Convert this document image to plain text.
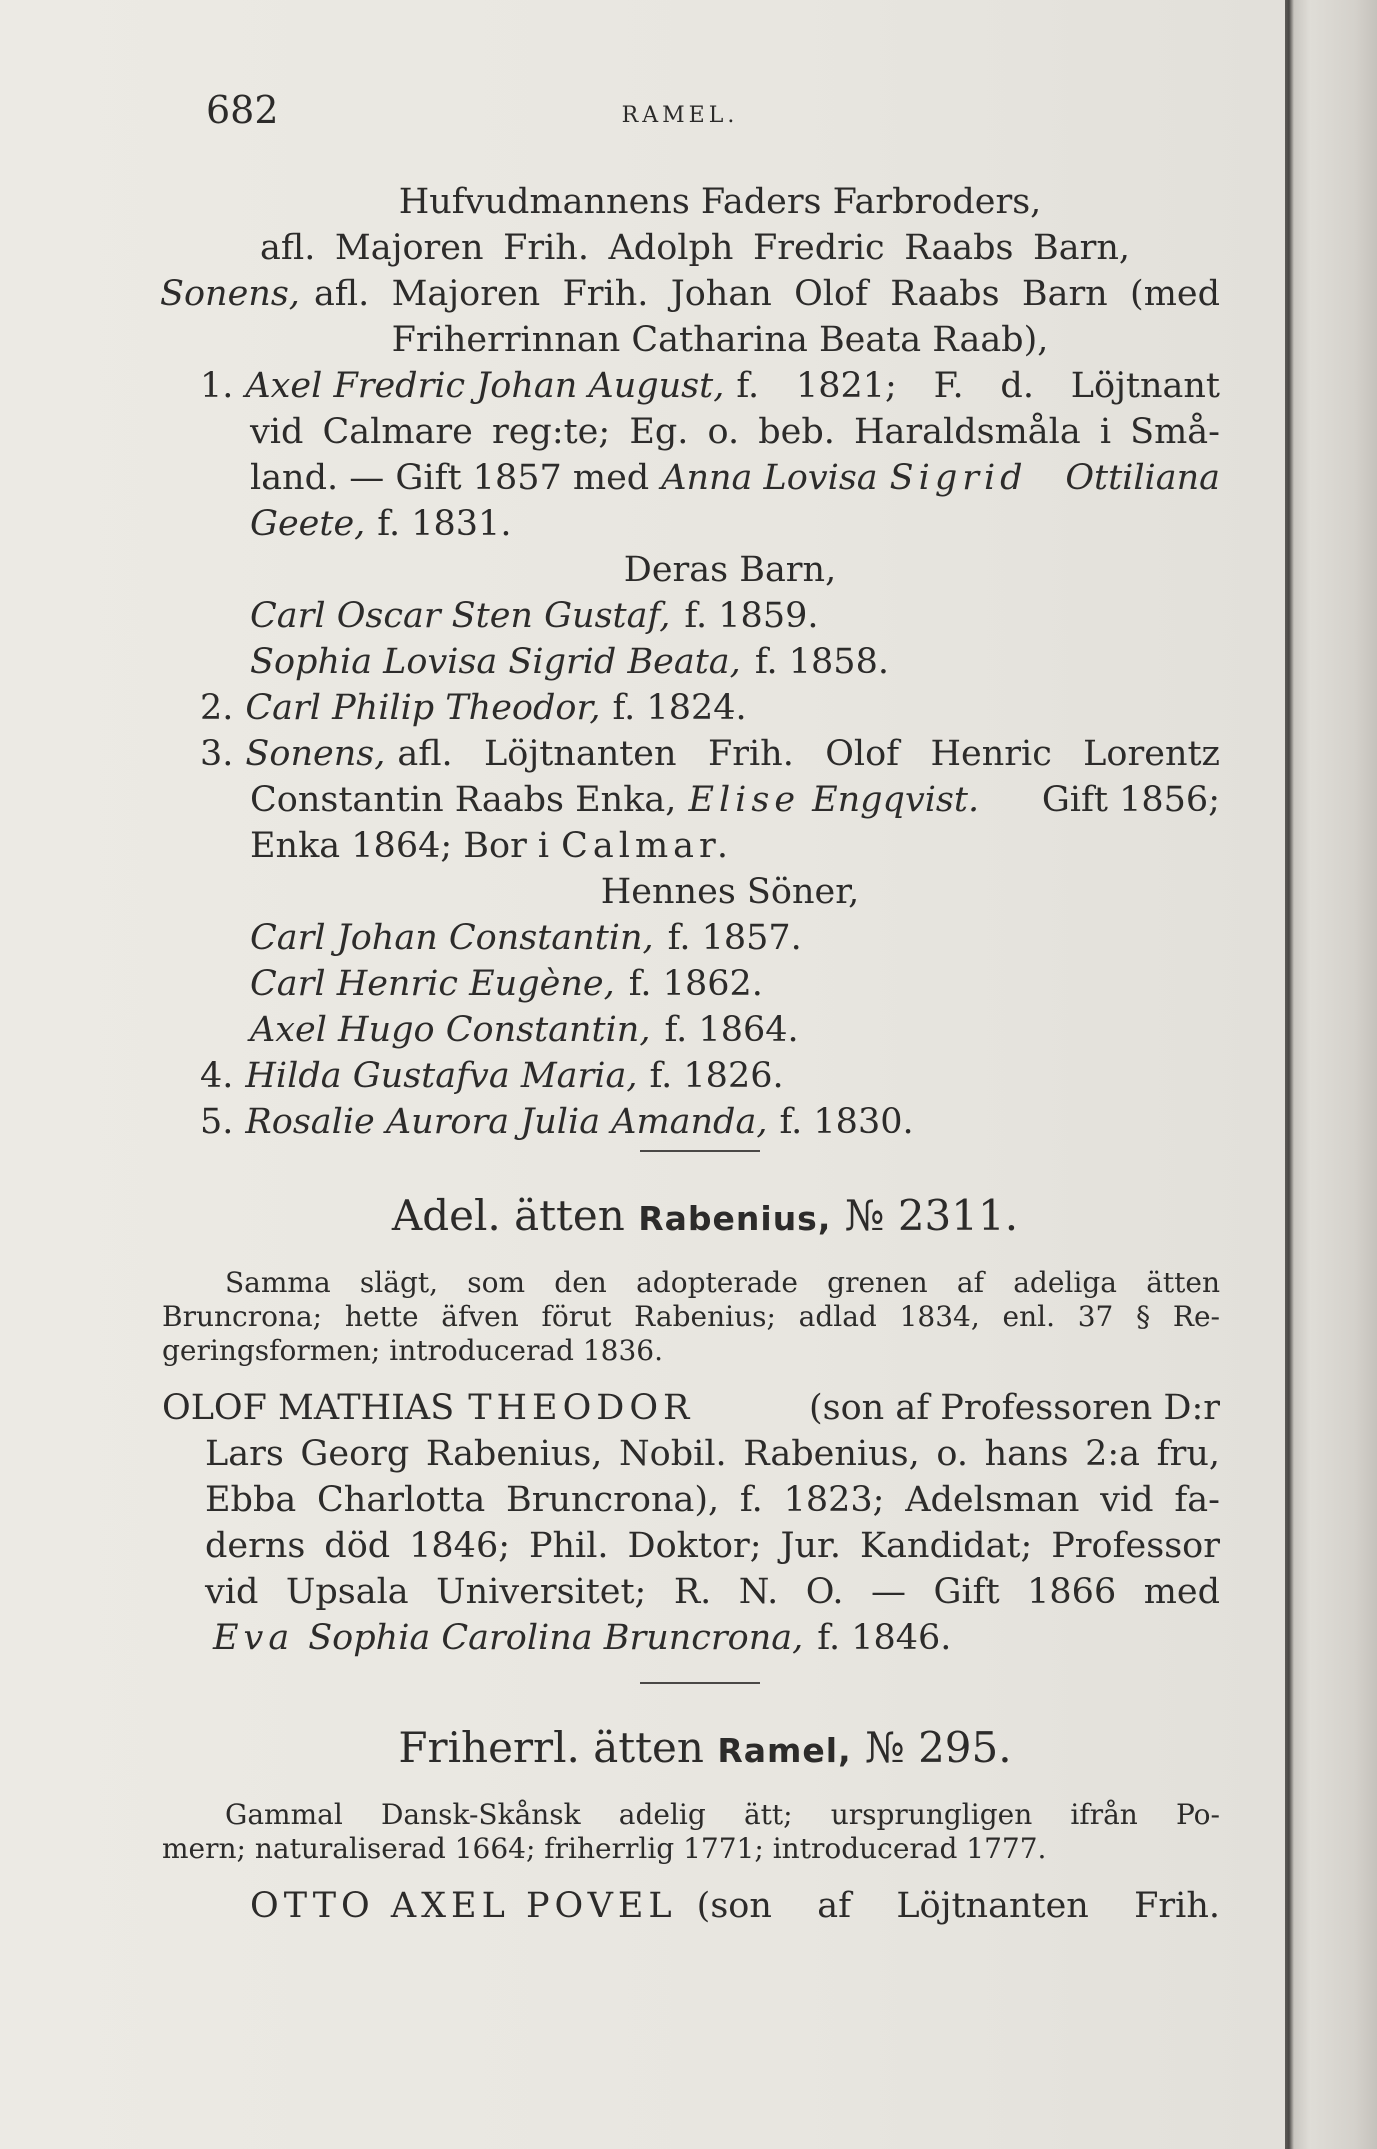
682	RAMEL.
Hufvudmannens Faders Farbroders,
afl. Majoren Frih. Adolph Fredric Raabs Barn,
Sonens, afl. Majoren Frih. Johan Olof Raabs Barn (med
Friherrinnan Catharina Beata Raab),
1. Axel Fredric Johan August, f. 1821; F. d. Löjtnant
vid Calmare reg:te; Eg. o. beb. Haraldsmåla i Små-
land. — Gift 1857 med Anna Lovisa Sigrid	Ottiliana
Geete, f. 1831.
Deras Barn,
Carl Oscar Sten Gustaf, f. 1859.
Sophia Lovisa Sigrid Beata, f. 1858.
2. Carl Philip Theodor, f. 1824.
3. Sonens, afl. Löjtnanten Frih. Olof Henric Lorentz
Constantin Raabs Enka, Elise Engqvist.	Gift 1856;
Enka 1864; Bor i Calmar.
Hennes Söner,
Carl Johan Constantin, f. 1857.
Carl Henric Eugène, f. 1862.
Axel Hugo Constantin, f. 1864.
4. Hilda Gustafva Maria, f. 1826.
5. Rosalie Aurora Julia Amanda, f. 1830.
Adel. ätten Rabenius, № 2311.
Samma slägt, som den adopterade grenen af adeliga ätten
Bruncrona; hette äfven förut Rabenius; adlad 1834, enl. 37 § Re-
geringsformen; introducerad 1836.
OLOF MATHIAS THEODOR	(son af Professoren D:r
Lars Georg Rabenius, Nobil. Rabenius, o. hans 2:a fru,
Ebba Charlotta Bruncrona), f. 1823; Adelsman vid fa-
derns död 1846; Phil. Doktor; Jur. Kandidat; Professor
vid Upsala Universitet; R. N. O. — Gift 1866 med
Eva Sophia Carolina Bruncrona, f. 1846.
Friherrl. ätten Ramel, № 295.
Gammal Dansk-Skånsk adelig ätt; ursprungligen ifrån Po-
mern; naturaliserad 1664; friherrlig 1771; introducerad 1777.
OTTO AXEL POVEL (son af Löjtnanten Frih.
